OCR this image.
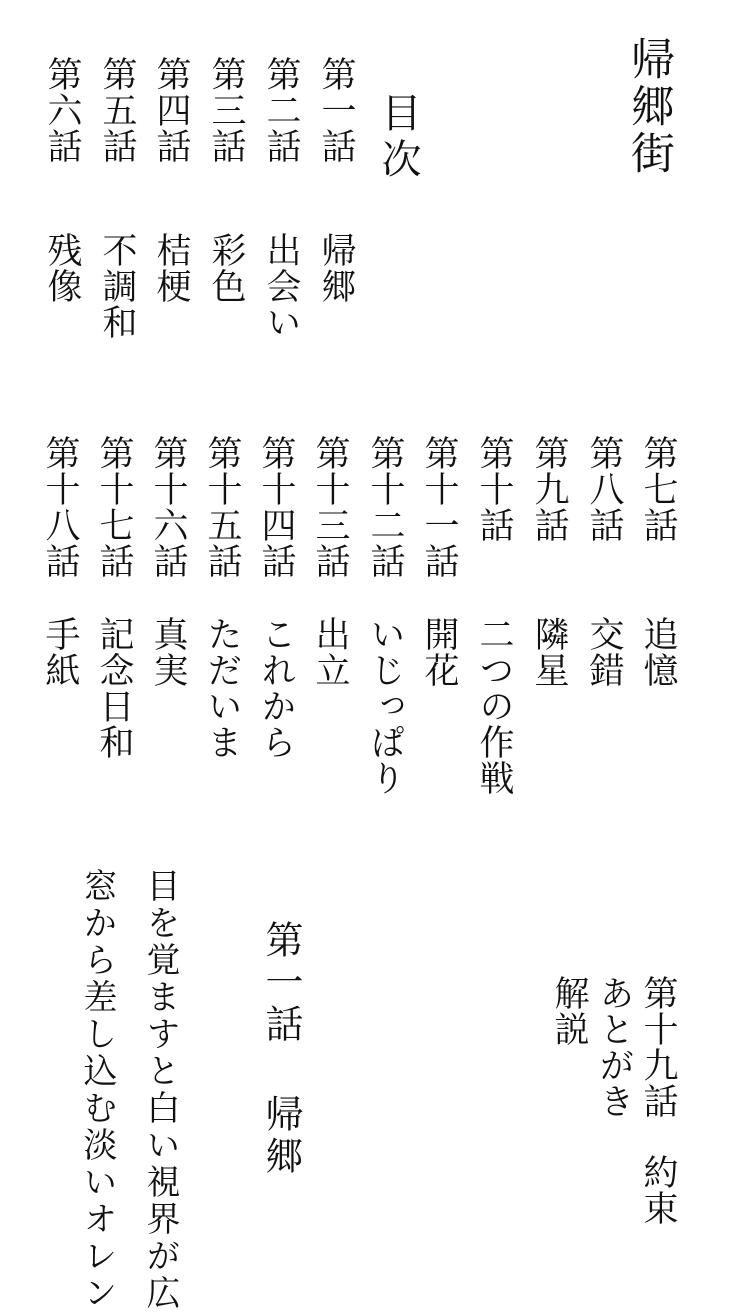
帰郷街
目次
第一話
帰郷
第二話
出会い
第三話
彩色
第四話
桔梗
第五話
不調和
第六話
残像
第七話
追憶
第八話
交錯
第九話
隣星
第十話
二つの作戦
第十一話
開花
第十二話
いじっぱり
第十三話
出立
第十四話
これから
第十五話
ただいま
第十六話
真実
第十七話
記念日和
第十八話
手紙
第十九話
約束
あとがき
解説
第一話 帰郷
目を覚ますと白い視界が広
窓から差し込む淡いオレン
